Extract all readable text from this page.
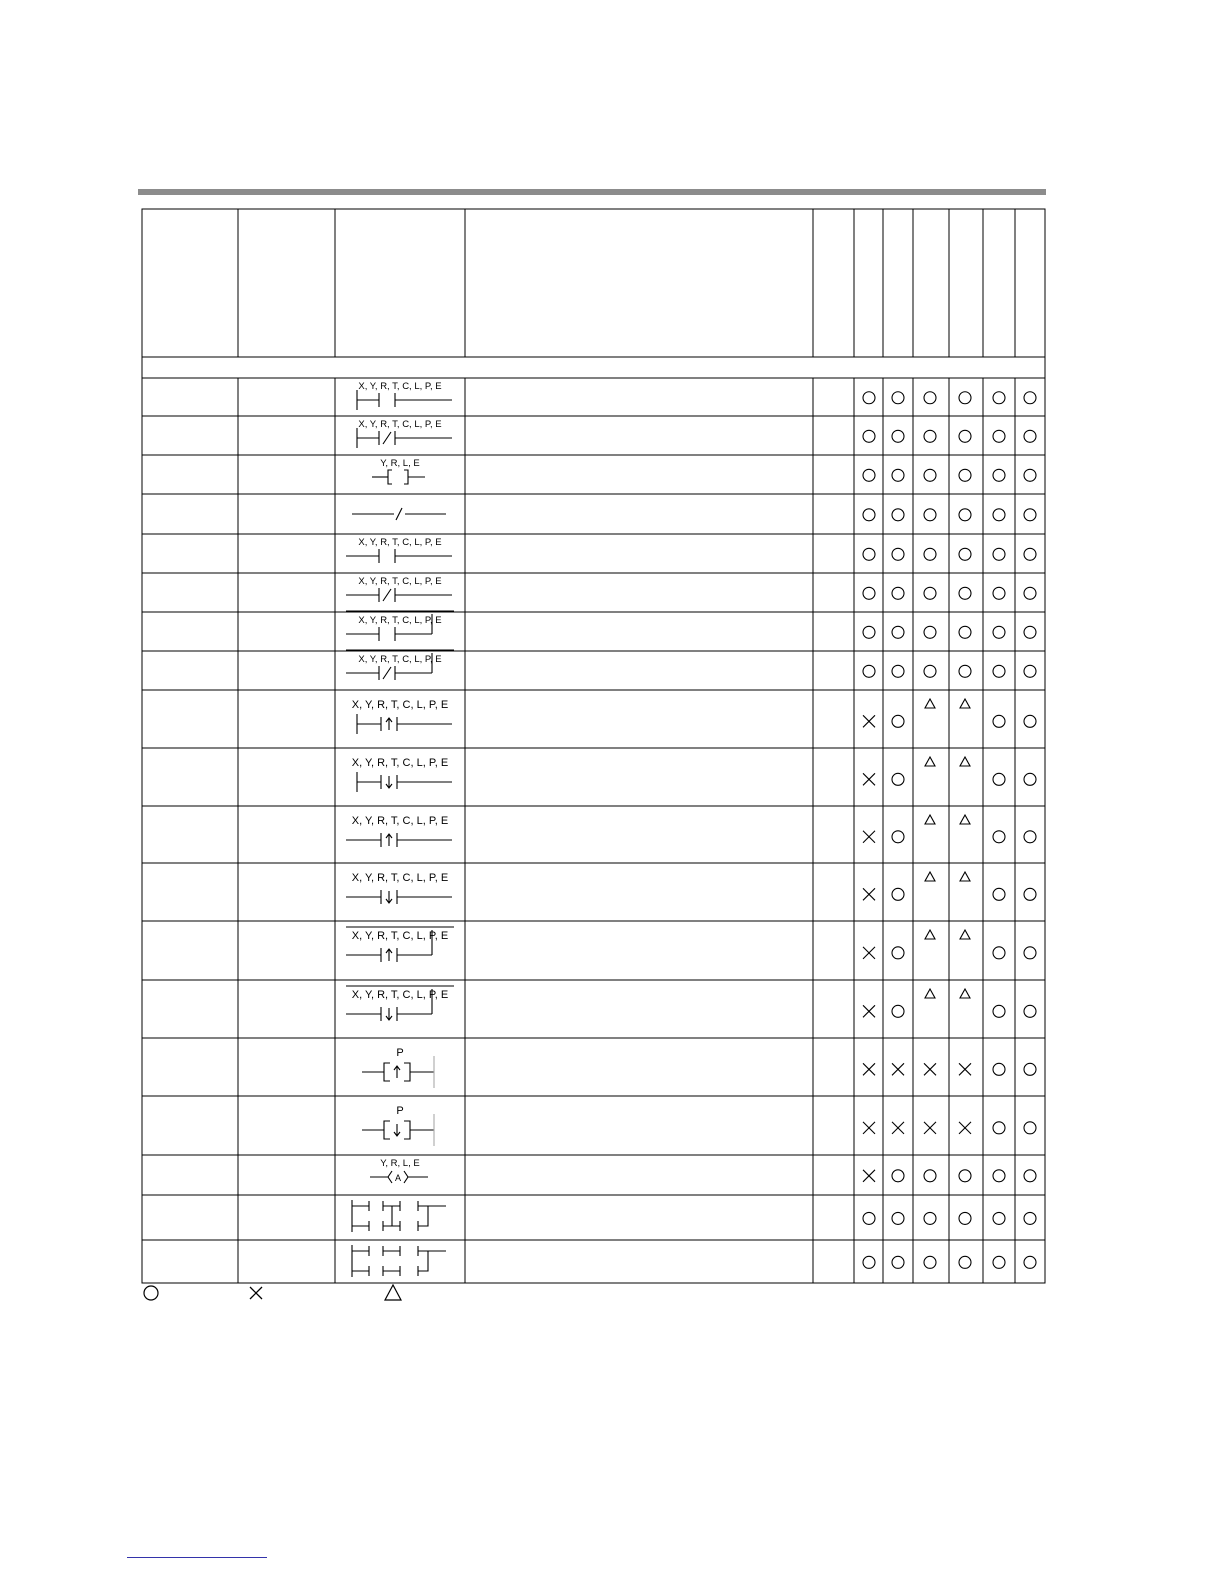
X, Y, R, T, C, L, P, E
X, Y, R, T, C, L, P, E
Y, R, L, E
X, Y, R, T, C, L, P, E
X, Y, R, T, C, L, P, E
X, Y, R, T, C, L, P, E
X, Y, R, T, C, L, P, E
X, Y, R, T, C, L, P, E
X, Y, R, T, C, L, P, E
X, Y, R, T, C, L, P, E
X, Y, R, T, C, L, P, E
X, Y, R, T, C, L, P, E
X, Y, R, T, C, L, P, E
P
P
Y, R, L, E
A
